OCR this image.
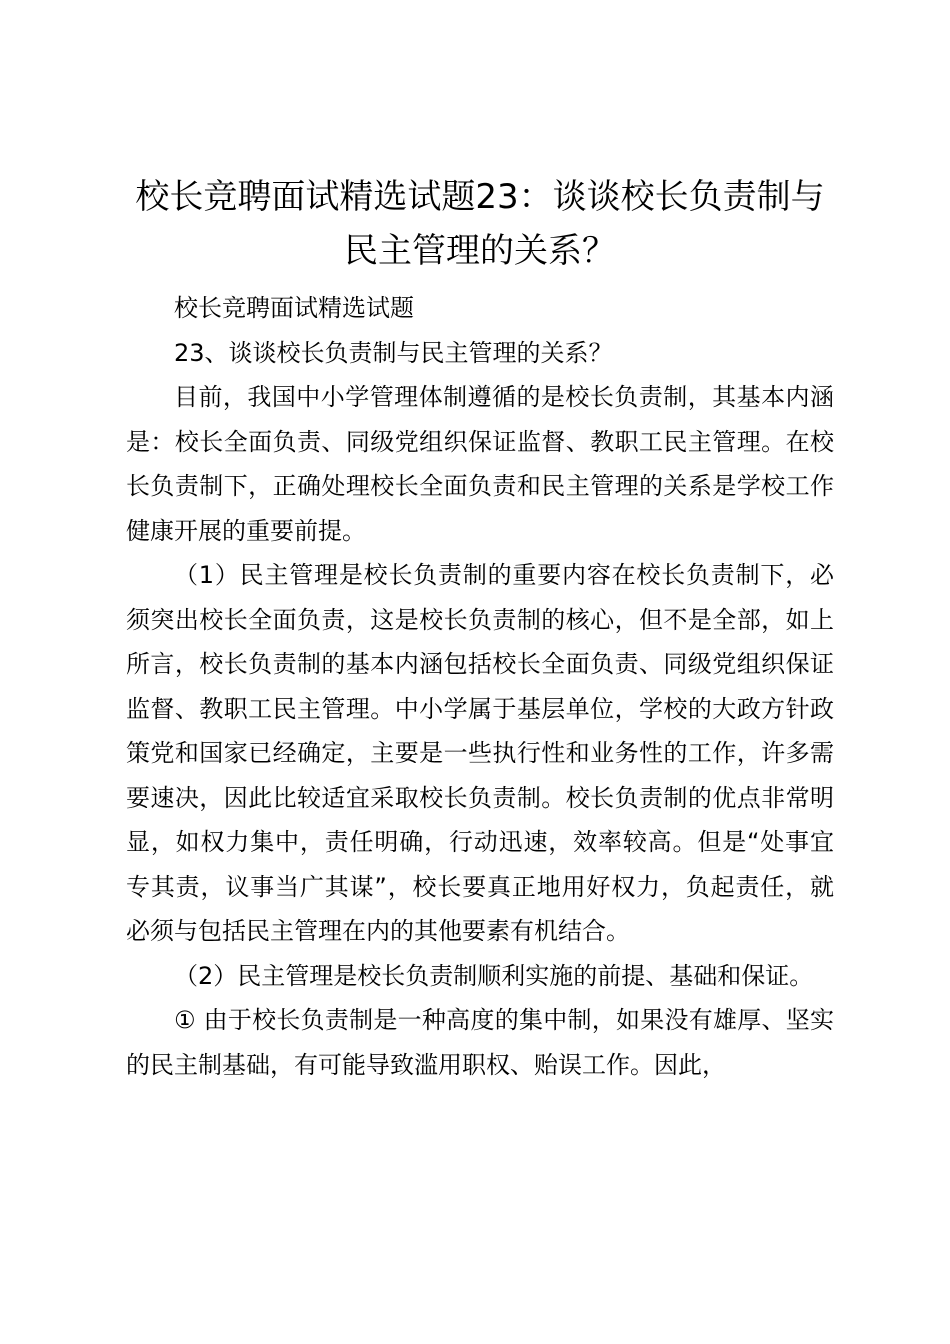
校长竞聘面试精选试题23：谈谈校长负责制与民主管理的关系？

校长竞聘面试精选试题

23、谈谈校长负责制与民主管理的关系？

目前，我国中小学管理体制遵循的是校长负责制，其基本内涵是：校长全面负责、同级党组织保证监督、教职工民主管理。在校长负责制下，正确处理校长全面负责和民主管理的关系是学校工作健康开展的重要前提。

（1）民主管理是校长负责制的重要内容在校长负责制下，必须突出校长全面负责，这是校长负责制的核心，但不是全部，如上所言，校长负责制的基本内涵包括校长全面负责、同级党组织保证监督、教职工民主管理。中小学属于基层单位，学校的大政方针政策党和国家已经确定，主要是一些执行性和业务性的工作，许多需要速决，因此比较适宜采取校长负责制。校长负责制的优点非常明显，如权力集中，责任明确，行动迅速，效率较高。但是“处事宜专其责，议事当广其谋”，校长要真正地用好权力，负起责任，就必须与包括民主管理在内的其他要素有机结合。

（2）民主管理是校长负责制顺利实施的前提、基础和保证。

① 由于校长负责制是一种高度的集中制，如果没有雄厚、坚实的民主制基础，有可能导致滥用职权、贻误工作。因此，
